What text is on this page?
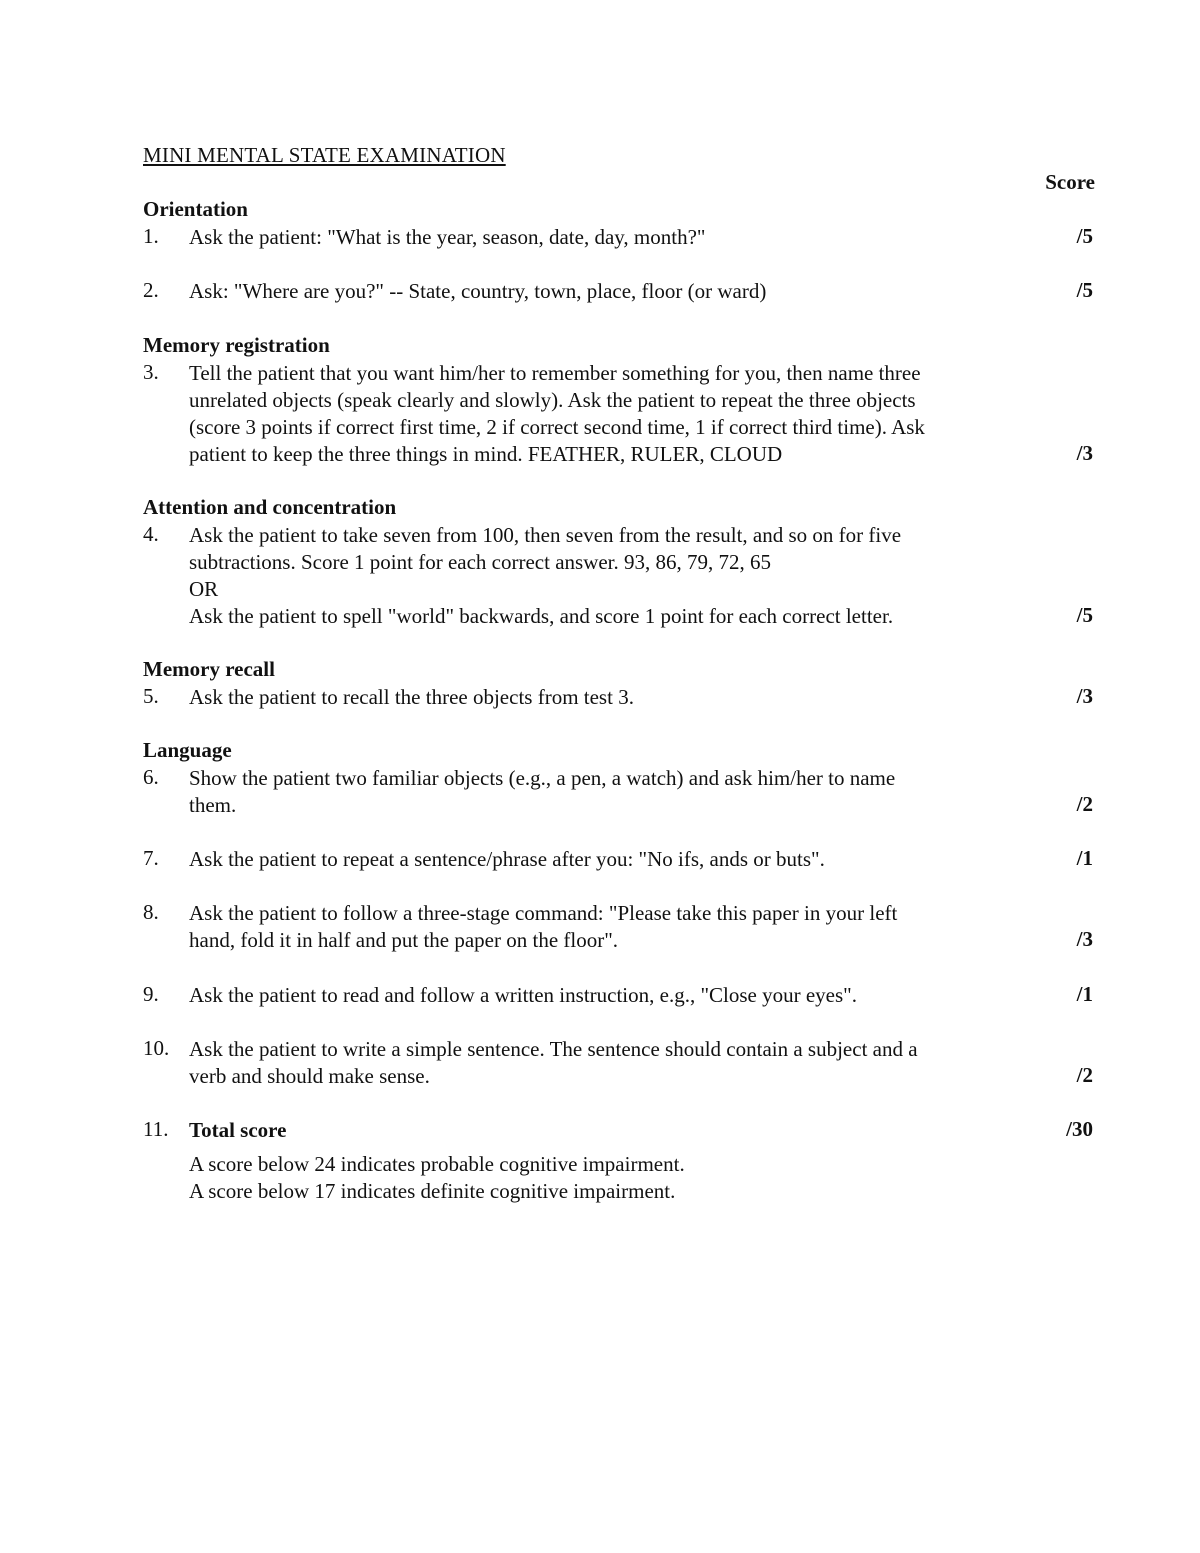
MINI MENTAL STATE EXAMINATION
Score
Orientation
1. Ask the patient: "What is the year, season, date, day, month?"	/5
2. Ask: "Where are you?" -- State, country, town, place, floor (or ward)	/5
Memory registration
3. Tell the patient that you want him/her to remember something for you, then name three
unrelated objects (speak clearly and slowly). Ask the patient to repeat the three objects
(score 3 points if correct first time, 2 if correct second time, 1 if correct third time). Ask
patient to keep the three things in mind. FEATHER, RULER, CLOUD	/3
Attention and concentration
4. Ask the patient to take seven from 100, then seven from the result, and so on for five
subtractions. Score 1 point for each correct answer. 93, 86, 79, 72, 65
OR
Ask the patient to spell "world" backwards, and score 1 point for each correct letter.	/5
Memory recall
5. Ask the patient to recall the three objects from test 3.	/3
Language
6. Show the patient two familiar objects (e.g., a pen, a watch) and ask him/her to name
them.	/2
7. Ask the patient to repeat a sentence/phrase after you: "No ifs, ands or buts".	/1
8. Ask the patient to follow a three-stage command: "Please take this paper in your left
hand, fold it in half and put the paper on the floor".	/3
9. Ask the patient to read and follow a written instruction, e.g., "Close your eyes".	/1
10. Ask the patient to write a simple sentence. The sentence should contain a subject and a
verb and should make sense.	/2
11. Total score	/30
A score below 24 indicates probable cognitive impairment.
A score below 17 indicates definite cognitive impairment.
